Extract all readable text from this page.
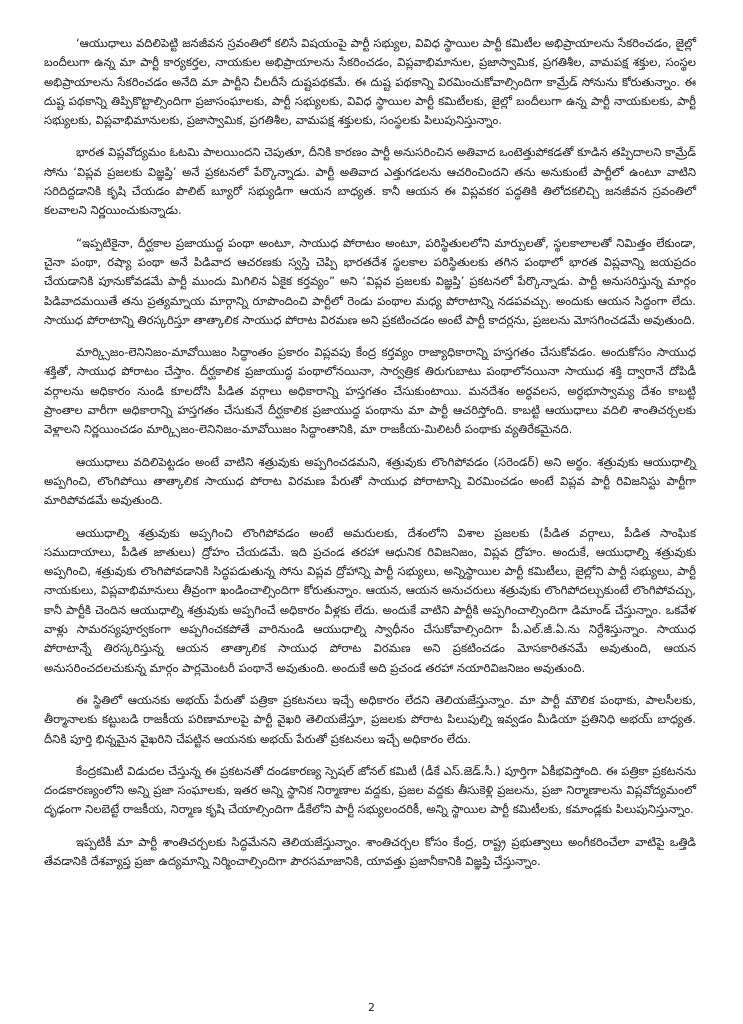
‘ఆయుధాలు వదిలిపెట్టి జనజీవన స్రవంతిలో కలిసే విషయంపై పార్టీ సభ్యుల, వివిధ స్థాయిల పార్టీ కమిటీల అభిప్రాయాలను సేకరించడం, జైల్లో బందీలుగా ఉన్న మా పార్టీ కార్యకర్తల, నాయకుల అభిప్రాయాలను సేకరించడం, విప్లవాభిమానుల, ప్రజాస్వామిక, ప్రగతిశీల, వామపక్ష శక్తుల, సంస్థల అభిప్రాయాలను సేకరించడం అనేది మా పార్టీని చీలదీసే దుష్టపథకమే. ఈ దుష్ట పథకాన్ని విరమించుకోవాల్సిందిగా కామ్రేడ్ సోనును కోరుతున్నాం. ఈ దుష్ట పథకాన్ని తిప్పికొట్టాల్సిందిగా ప్రజాసంఘాలకు, పార్టీ సభ్యులకు, వివిధ స్థాయిల పార్టీ కమిటీలకు, జైల్లో బందీలుగా ఉన్న పార్టీ నాయకులకు, పార్టీ సభ్యులకు, విప్లవాభిమానులకు, ప్రజాస్వామిక, ప్రగతిశీల, వామపక్ష శక్తులకు, సంస్థలకు పిలుపునిస్తున్నాం.

భారత విప్లవోద్యమం ఓటమి పాలయిందని చెపుతూ, దీనికి కారణం పార్టీ అనుసరించిన అతివాద ఒంటెత్తుపోకడతో కూడిన తప్పిదాలని కామ్రేడ్ సోను ‘విప్లవ ప్రజలకు విజ్ఞప్తి’ అనే ప్రకటనలో పేర్కొన్నాడు. పార్టీ అతివాద ఎత్తుగడలను ఆచరించిందని తను అనుకుంటే పార్టీలో ఉంటూ వాటిని సరిదిద్దడానికి కృషి చేయడం పొలిట్ బ్యూరో సభ్యుడిగా ఆయన బాధ్యత. కానీ ఆయన ఈ విప్లవకర పద్ధతికి తిలోదకలిచ్చి జనజీవన స్రవంతిలో కలవాలని నిర్ణయించుకున్నాడు.

“ఇప్పటికైనా, దీర్ఘకాల ప్రజాయుద్ధ పంథా అంటూ, సాయుధ పోరాటం అంటూ, పరిస్థితులలోని మార్పులతో, స్థలకాలాలతో నిమిత్తం లేకుండా, చైనా పంథా, రష్యా పంథా అనే పిడివాద ఆచరణకు స్వస్తి చెప్పి భారతదేశ స్థలకాల పరిస్థితులకు తగిన పంథాలో భారత విప్లవాన్ని జయప్రదం చేయడానికి పూనుకోవడమే పార్టీ ముందు మిగిలిన ఏకైక కర్తవ్యం” అని ‘విప్లవ ప్రజలకు విజ్ఞప్తి’ ప్రకటనలో పేర్కొన్నాడు. పార్టీ అనుసరిస్తున్న మార్గం పిడివాదమయితే తను ప్రత్యమ్నాయ మార్గాన్ని రూపొందించి పార్టీలో రెండు పంథాల మధ్య పోరాటాన్ని నడపవచ్చు. అందుకు ఆయన సిద్ధంగా లేదు. సాయుధ పోరాటాన్ని తిరస్కరిస్తూ తాత్కాలిక సాయుధ పోరాట విరమణ అని ప్రకటించడం అంటే పార్టీ కాదర్లను, ప్రజలను మోసగించడమే అవుతుంది.

మార్క్సిజం-లెనినిజం-మావోయిజం సిద్ధాంతం ప్రకారం విప్లవపు కేంద్ర కర్తవ్యం రాజ్యాధికారాన్ని హస్తగతం చేసుకోవడం. అందుకోసం సాయుధ శక్తితో, సాయుధ పోరాటం చేస్తాం. దీర్ఘకాలిక ప్రజాయుద్ధ పంథాలోనయినా, సార్వత్రిక తిరుగుబాటు పంథాలోనయినా సాయుధ శక్తి ద్వారానే దోపిడీ వర్గాలను అధికారం నుండి కూలదోసి పీడిత వర్గాలు అధికారాన్ని హస్తగతం చేసుకుంటాయి. మనదేశం అర్ధవలస, అర్ధభూస్వామ్య దేశం కాబట్టి ప్రాంతాల వారీగా అధికారాన్ని హస్తగతం చేసుకునే దీర్ఘకాలిక ప్రజాయుద్ధ పంథాను మా పార్టీ ఆచరిస్తోంది. కాబట్టి ఆయుధాలు వదిలి శాంతిచర్చలకు వెళ్లాలని నిర్ణయించడం మార్క్సిజం-లెనినిజం-మావోయిజం సిద్ధాంతానికి, మా రాజకీయ-మిలిటరీ పంథాకు వ్యతిరేకమైనది.

ఆయుధాలు వదిలిపెట్టడం అంటే వాటిని శత్రువుకు అప్పగించడమని, శత్రువుకు లొంగిపోవడం (సరెండర్) అని అర్థం. శత్రువుకు ఆయుధాల్ని అప్పగించి, లొంగిపోయి తాత్కాలిక సాయుధ పోరాట విరమణ పేరుతో సాయుధ పోరాటాన్ని విరమించడం అంటే విప్లవ పార్టీ రివిజనిస్టు పార్టీగా మారిపోవడమే అవుతుంది.

ఆయుధాల్ని శత్రువుకు అప్పగించి లొంగిపోవడం అంటే అమరులకు, దేశంలోని విశాల ప్రజలకు (పీడిత వర్గాలు, పీడిత సాంఘిక సముదాయాలు, పీడిత జాతులు) ద్రోహం చేయడమే. ఇది ప్రచండ తరహా ఆధునిక రివిజనిజం, విప్లవ ద్రోహం. అందుకే, ఆయుధాల్ని శత్రువుకు అప్పగించి, శత్రువుకు లొంగిపోవడానికి సిద్ధపడుతున్న సోను విప్లవ ద్రోహాన్ని పార్టీ సభ్యులు, అన్నిస్థాయిల పార్టీ కమిటీలు, జైల్లోని పార్టీ సభ్యులు, పార్టీ నాయకులు, విప్లవాభిమానులు తీవ్రంగా ఖండించాల్సిందిగా కోరుతున్నాం. ఆయన, ఆయన అనుచరులు శత్రువుకు లొంగిపోదల్చుకుంటే లొంగిపోవచ్చు, కానీ పార్టీకి చెందిన ఆయుధాల్ని శత్రువుకు అప్పగించే అధికారం వీళ్లకు లేదు. అందుకే వాటిని పార్టీకి అప్పగించాల్సిందిగా డిమాండ్ చేస్తున్నాం. ఒకవేళ వాళ్లు సామరస్యపూర్వకంగా అప్పగించకపోతే వారినుండి ఆయుధాల్ని స్వాధీనం చేసుకోవాల్సిందిగా పీ.ఎల్.జీ.ఏ.ను నిర్దేశిస్తున్నాం. సాయుధ పోరాటాన్నే తిరస్కరిస్తున్న ఆయన తాత్కాలిక సాయుధ పోరాట విరమణ అని ప్రకటించడం మోసకారితనమే అవుతుంది, ఆయన అనుసరించదలచుకున్న మార్గం పార్లమెంటరీ పంథానే అవుతుంది. అందుకే అది ప్రచండ తరహా నయారివిజనిజం అవుతుంది.

ఈ స్థితిలో ఆయనకు అభయ్ పేరుతో పత్రికా ప్రకటనలు ఇచ్చే అధికారం లేదని తెలియజేస్తున్నాం. మా పార్టీ మౌలిక పంథాకు, పాలసీలకు, తీర్మానాలకు కట్టుబడి రాజకీయ పరిణామాలపై పార్టీ వైఖరి తెలియజేస్తూ, ప్రజలకు పోరాట పిలుపుల్ని ఇవ్వడం మీడియా ప్రతినిధి అభయ్ బాధ్యత. దీనికి పూర్తి భిన్నమైన వైఖరిని చేపట్టిన ఆయనకు అభయ్ పేరుతో ప్రకటనలు ఇచ్చే అధికారం లేదు.

కేంద్రకమిటీ విడుదల చేస్తున్న ఈ ప్రకటనతో దండకారణ్య స్పెషల్ జోనల్ కమిటీ (డీకే ఎస్.జెడ్.సీ.) పూర్తిగా ఏకీభవిస్తోంది. ఈ పత్రికా ప్రకటనను దండకారణ్యంలోని అన్ని ప్రజా సంఘాలకు, ఇతర అన్ని స్థానిక నిర్మాణాల వద్దకు, ప్రజల వద్దకు తీసుకెళ్లి ప్రజలను, ప్రజా నిర్మాణాలను విప్లవోద్యమంలో దృఢంగా నిలబెట్టే రాజకీయ, నిర్మాణ కృషి చేయాల్సిందిగా డీకేలోని పార్టీ సభ్యులందరికీ, అన్ని స్థాయిల పార్టీ కమిటీలకు, కమాండ్లకు పిలుపునిస్తున్నాం.

ఇప్పటికీ మా పార్టీ శాంతిచర్చలకు సిద్ధమేనని తెలియజేస్తున్నాం. శాంతిచర్చల కోసం కేంద్ర, రాష్ట్ర ప్రభుత్వాలు అంగీకరించేలా వాటిపై ఒత్తిడి తేవడానికి దేశవ్యాప్త ప్రజా ఉద్యమాన్ని నిర్మించాల్సిందిగా పౌరసమాజానికి, యావత్తు ప్రజానీకానికి విజ్ఞప్తి చేస్తున్నాం.

2
